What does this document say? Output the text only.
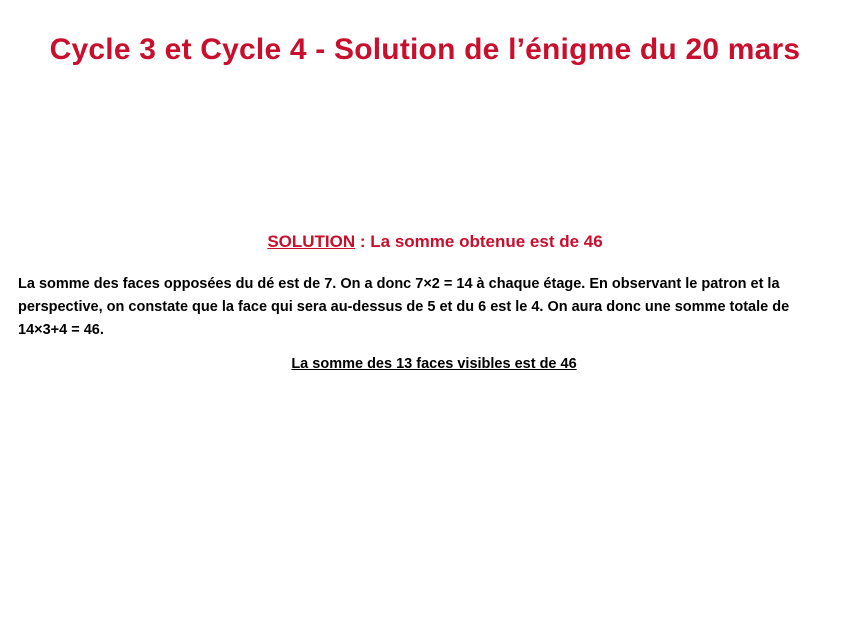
Cycle 3 et Cycle 4 - Solution de l’énigme du 20 mars
SOLUTION : La somme obtenue est de 46
La somme des faces opposées du dé est de 7. On a donc 7×2 = 14 à chaque étage. En observant le patron et la perspective, on constate que la face qui sera au-dessus de 5 et du 6 est le 4. On aura donc une somme totale de 14×3+4 = 46.
La somme des 13 faces visibles est de 46
